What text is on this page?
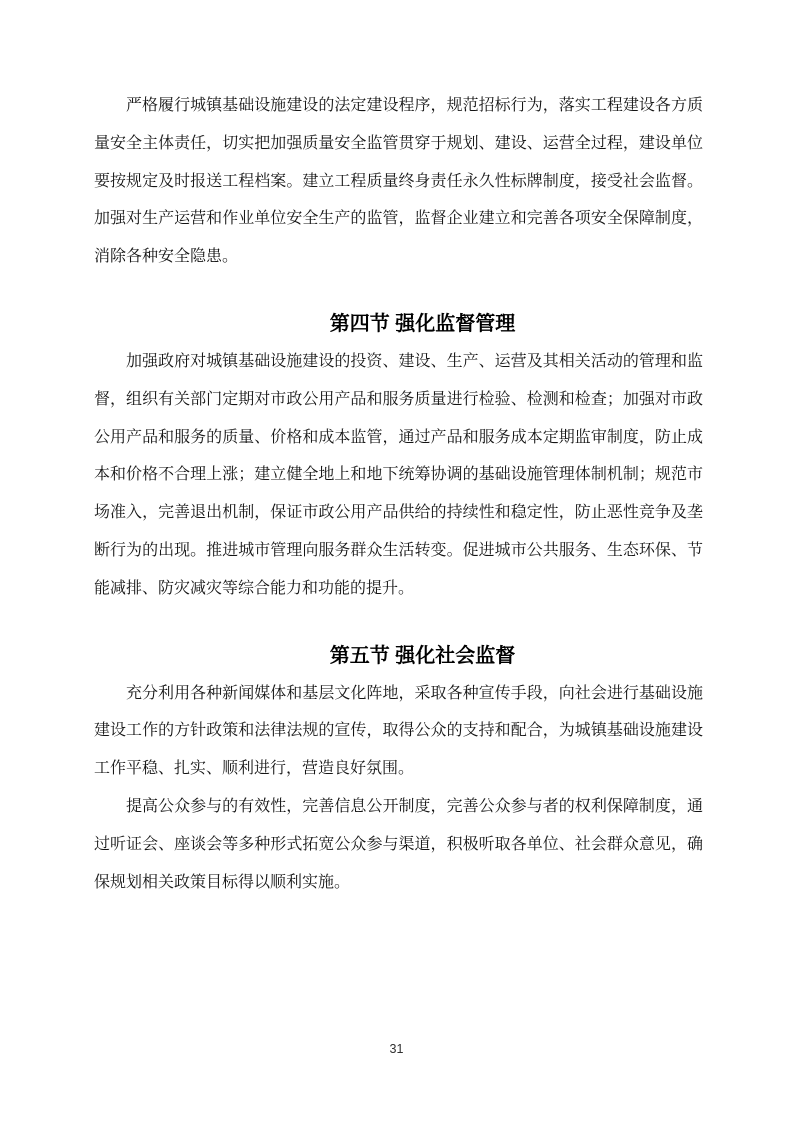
严格履行城镇基础设施建设的法定建设程序，规范招标行为，落实工程建设各方质量安全主体责任，切实把加强质量安全监管贯穿于规划、建设、运营全过程，建设单位要按规定及时报送工程档案。建立工程质量终身责任永久性标牌制度，接受社会监督。加强对生产运营和作业单位安全生产的监管，监督企业建立和完善各项安全保障制度，消除各种安全隐患。

第四节 强化监督管理

加强政府对城镇基础设施建设的投资、建设、生产、运营及其相关活动的管理和监督，组织有关部门定期对市政公用产品和服务质量进行检验、检测和检查；加强对市政公用产品和服务的质量、价格和成本监管，通过产品和服务成本定期监审制度，防止成本和价格不合理上涨；建立健全地上和地下统筹协调的基础设施管理体制机制；规范市场准入，完善退出机制，保证市政公用产品供给的持续性和稳定性，防止恶性竞争及垄断行为的出现。推进城市管理向服务群众生活转变。促进城市公共服务、生态环保、节能减排、防灾减灾等综合能力和功能的提升。

第五节 强化社会监督

充分利用各种新闻媒体和基层文化阵地，采取各种宣传手段，向社会进行基础设施建设工作的方针政策和法律法规的宣传，取得公众的支持和配合，为城镇基础设施建设工作平稳、扎实、顺利进行，营造良好氛围。

提高公众参与的有效性，完善信息公开制度，完善公众参与者的权利保障制度，通过听证会、座谈会等多种形式拓宽公众参与渠道，积极听取各单位、社会群众意见，确保规划相关政策目标得以顺利实施。

31
